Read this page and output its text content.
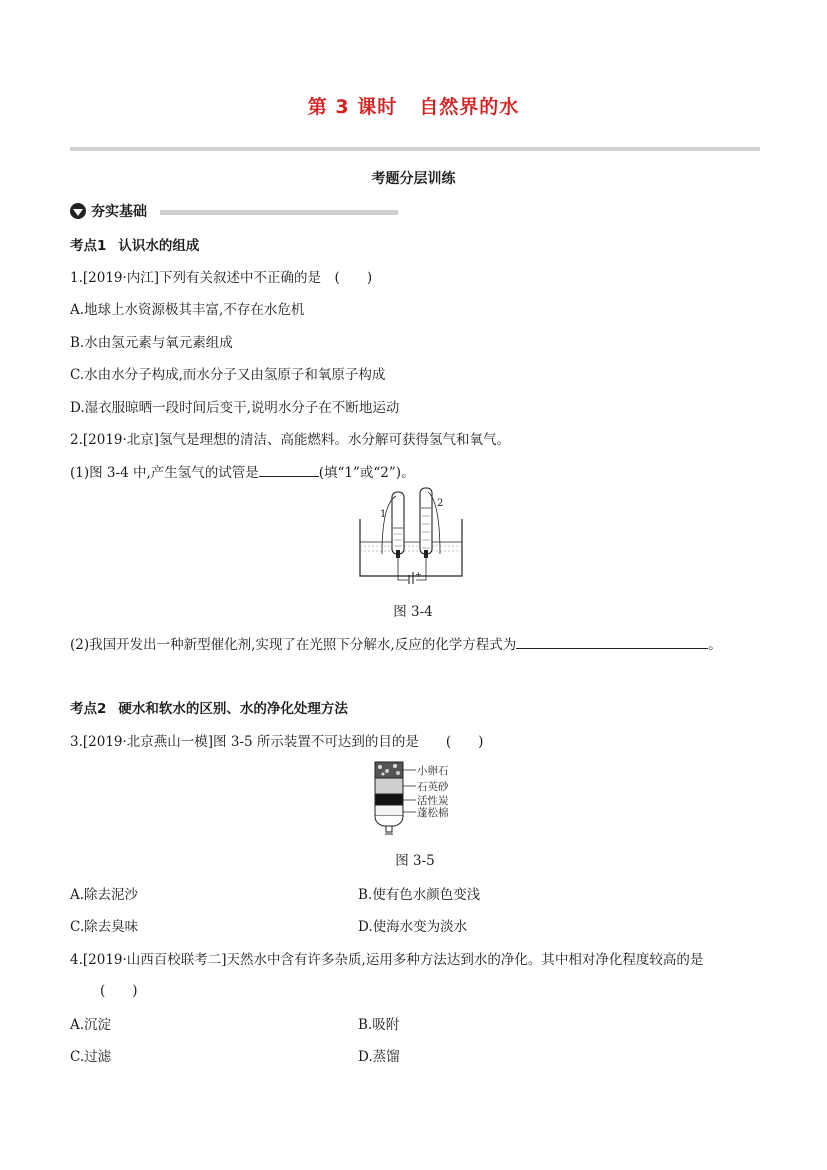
第 3 课时 自然界的水
考题分层训练
夯实基础
考点1 认识水的组成
1.[2019·内江]下列有关叙述中不正确的是　(　　)
A.地球上水资源极其丰富,不存在水危机
B.水由氢元素与氧元素组成
C.水由水分子构成,而水分子又由氢原子和氧原子构成
D.湿衣服晾晒一段时间后变干,说明水分子在不断地运动
2.[2019·北京]氢气是理想的清洁、高能燃料。水分解可获得氢气和氧气。
(1)图 3-4 中,产生氢气的试管是	(填“1”或“2”)。
1
2
+
图 3-4
(2)我国开发出一种新型催化剂,实现了在光照下分解水,反应的化学方程式为	。
考点2 硬水和软水的区别、水的净化处理方法
3.[2019·北京燕山一模]图 3-5 所示装置不可达到的目的是　　(　　)
小卵石
石英砂
活性炭
蓬松棉
图 3-5
A.除去泥沙	B.使有色水颜色变浅
C.除去臭味	D.使海水变为淡水
4.[2019·山西百校联考二]天然水中含有许多杂质,运用多种方法达到水的净化。其中相对净化程度较高的是
(　　)
A.沉淀	B.吸附
C.过滤	D.蒸馏
